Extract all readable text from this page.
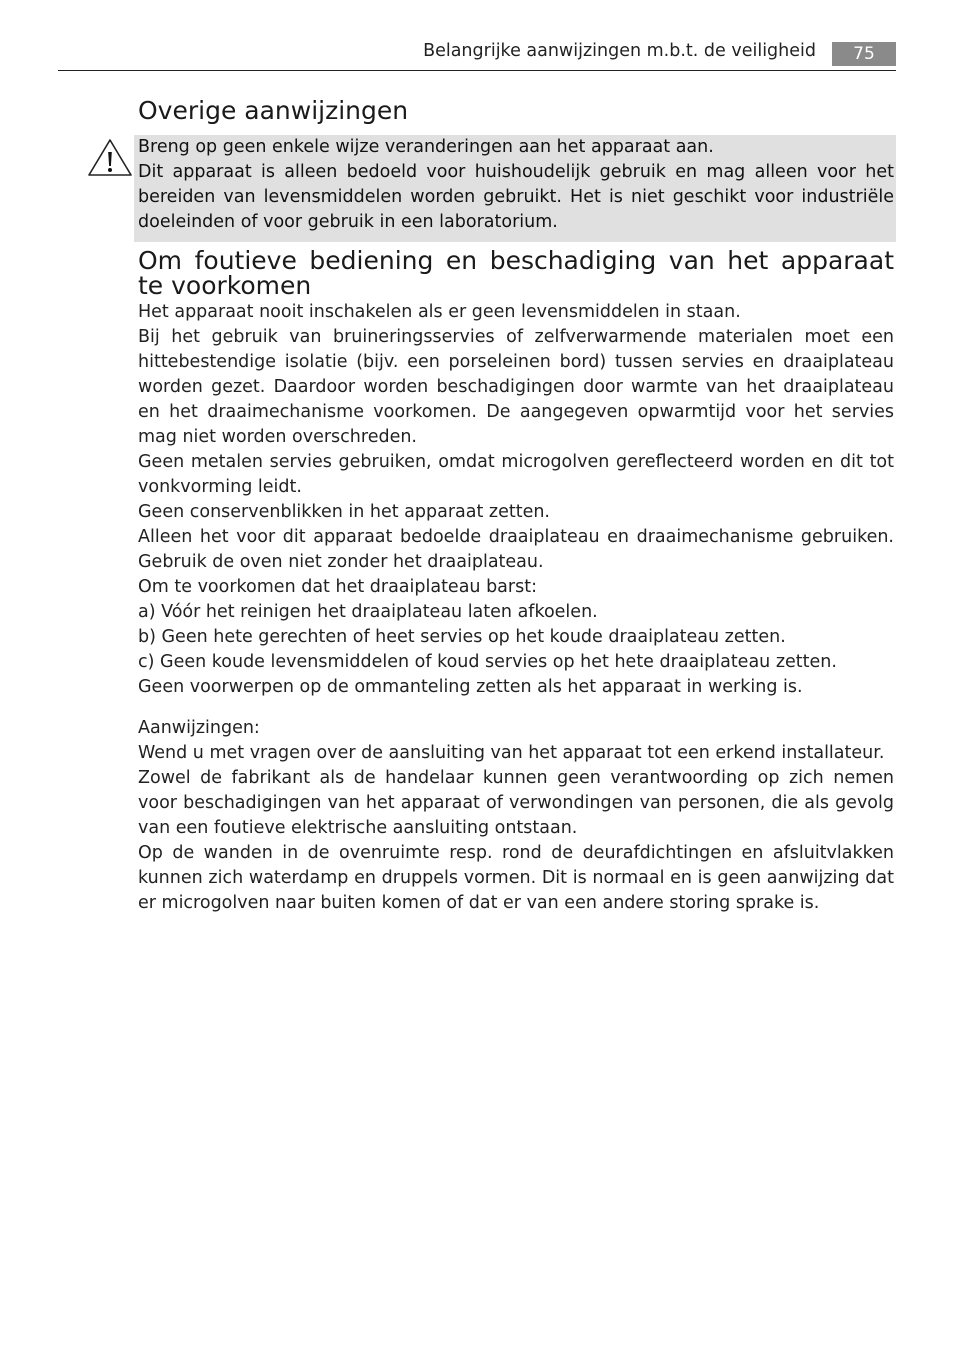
Belangrijke aanwijzingen m.b.t. de veiligheid	75
Overige aanwijzingen

Breng op geen enkele wijze veranderingen aan het apparaat aan.

Dit apparaat is alleen bedoeld voor huishoudelijk gebruik en mag alleen voor het bereiden van levensmiddelen worden gebruikt. Het is niet geschikt voor industriële doeleinden of voor gebruik in een laboratorium.

Om foutieve bediening en beschadiging van het apparaat te voorkomen

Het apparaat nooit inschakelen als er geen levensmiddelen in staan.

Bij het gebruik van bruineringsservies of zelfverwarmende materialen moet een hittebestendige isolatie (bijv. een porseleinen bord) tussen servies en draaiplateau worden gezet. Daardoor worden beschadigingen door warmte van het draaiplateau en het draaimechanisme voorkomen. De aangegeven opwarmtijd voor het servies mag niet worden overschreden.

Geen metalen servies gebruiken, omdat microgolven gereflecteerd worden en dit tot vonkvorming leidt.

Geen conservenblikken in het apparaat zetten.

Alleen het voor dit apparaat bedoelde draaiplateau en draaimechanisme gebruiken. Gebruik de oven niet zonder het draaiplateau.

Om te voorkomen dat het draaiplateau barst:

a) Vóór het reinigen het draaiplateau laten afkoelen.

b) Geen hete gerechten of heet servies op het koude draaiplateau zetten.

c) Geen koude levensmiddelen of koud servies op het hete draaiplateau zetten.

Geen voorwerpen op de ommanteling zetten als het apparaat in werking is.

Aanwijzingen:

Wend u met vragen over de aansluiting van het apparaat tot een erkend installateur.

Zowel de fabrikant als de handelaar kunnen geen verantwoording op zich nemen voor beschadigingen van het apparaat of verwondingen van personen, die als gevolg van een foutieve elektrische aansluiting ontstaan.

Op de wanden in de ovenruimte resp. rond de deurafdichtingen en afsluitvlakken kunnen zich waterdamp en druppels vormen. Dit is normaal en is geen aanwijzing dat er microgolven naar buiten komen of dat er van een andere storing sprake is.
